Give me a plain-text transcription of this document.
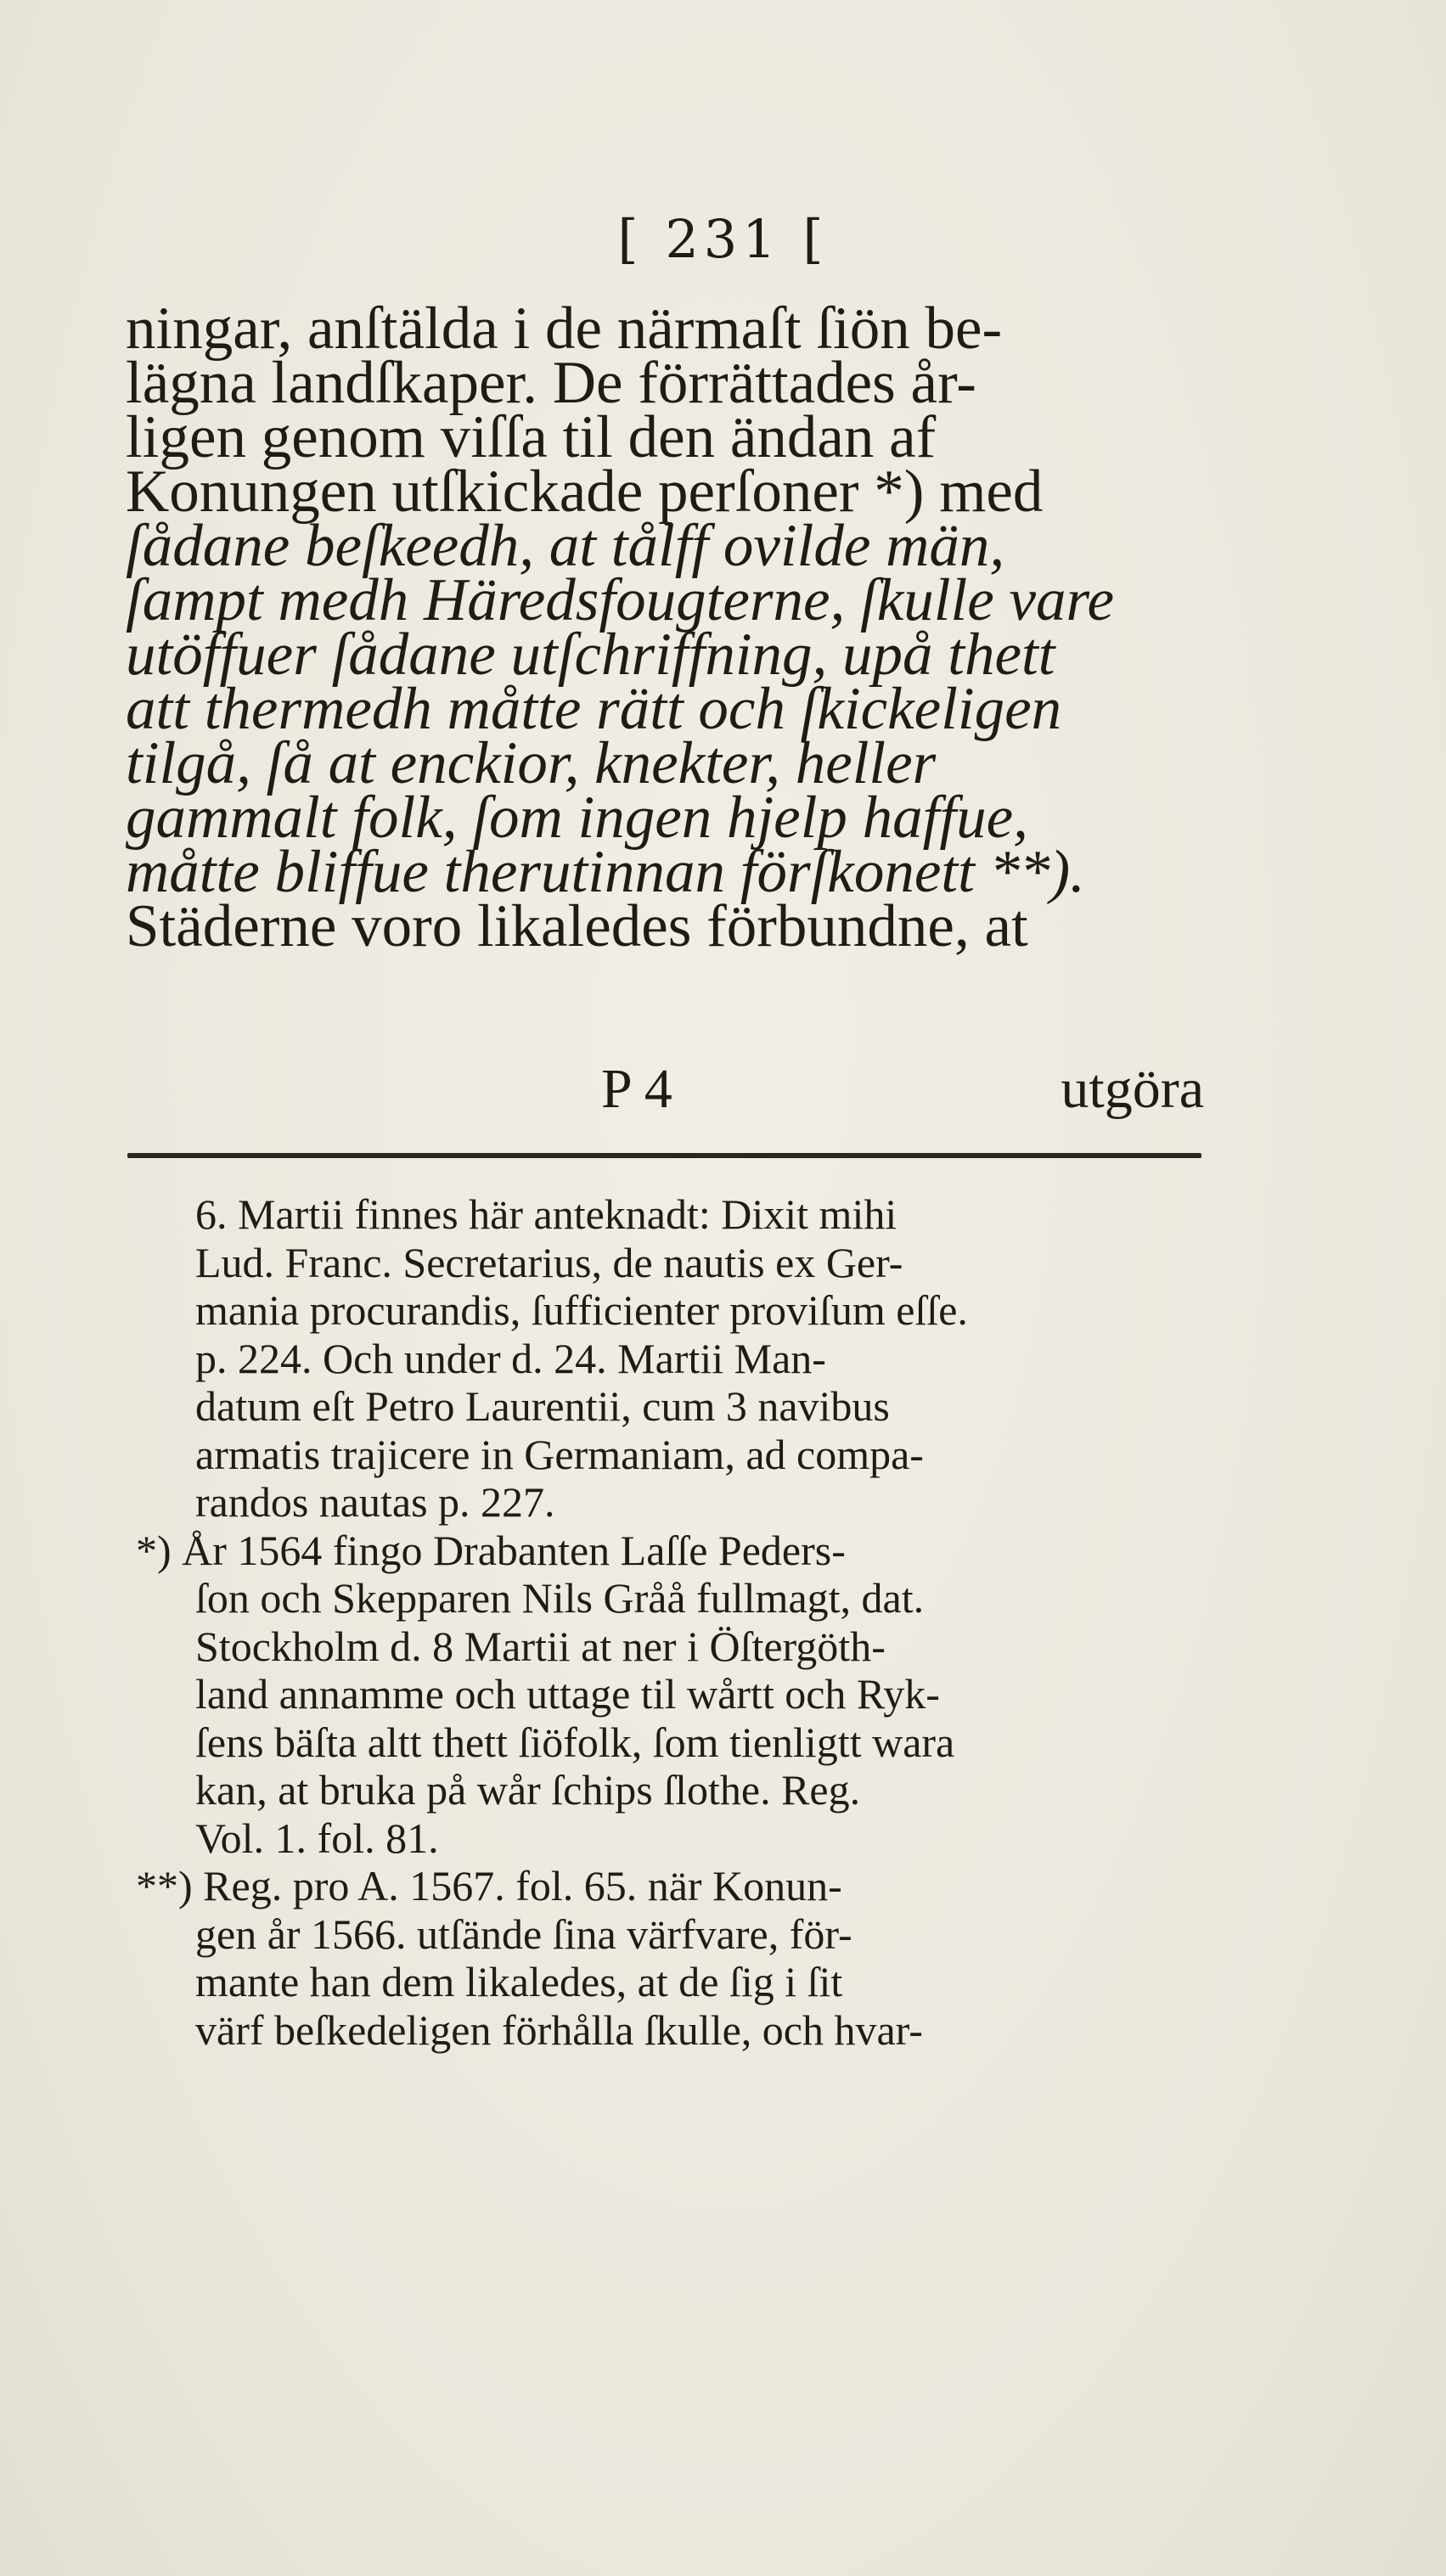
[ 231 [
ningar, anſtälda i de närmaſt ſiön be-
lägna landſkaper. De förrättades år-
ligen genom viſſa til den ändan af
Konungen utſkickade perſoner *) med
ſådane beſkeedh, at tålff ovilde män,
ſampt medh Häredsfougterne, ſkulle vare
utöffuer ſådane utſchriffning, upå thett
att thermedh måtte rätt och ſkickeligen
tilgå, ſå at enckior, knekter, heller
gammalt folk, ſom ingen hjelp haffue,
måtte bliffue therutinnan förſkonett **).
Städerne voro likaledes förbundne, at
P 4	utgöra
6. Martii finnes här anteknadt: Dixit mihi
Lud. Franc. Secretarius, de nautis ex Ger-
mania procurandis, ſufficienter proviſum eſſe.
p. 224. Och under d. 24. Martii Man-
datum eſt Petro Laurentii, cum 3 navibus
armatis trajicere in Germaniam, ad compa-
randos nautas p. 227.
*) År 1564 fingo Drabanten Laſſe Peders-
ſon och Skepparen Nils Gråå fullmagt, dat.
Stockholm d. 8 Martii at ner i Öſtergöth-
land annamme och uttage til wårtt och Ryk-
ſens bäſta altt thett ſiöfolk, ſom tienligtt wara
kan, at bruka på wår ſchips ſlothe. Reg.
Vol. 1. fol. 81.
**) Reg. pro A. 1567. fol. 65. när Konun-
gen år 1566. utſände ſina värfvare, för-
mante han dem likaledes, at de ſig i ſit
värf beſkedeligen förhålla ſkulle, och hvar-
